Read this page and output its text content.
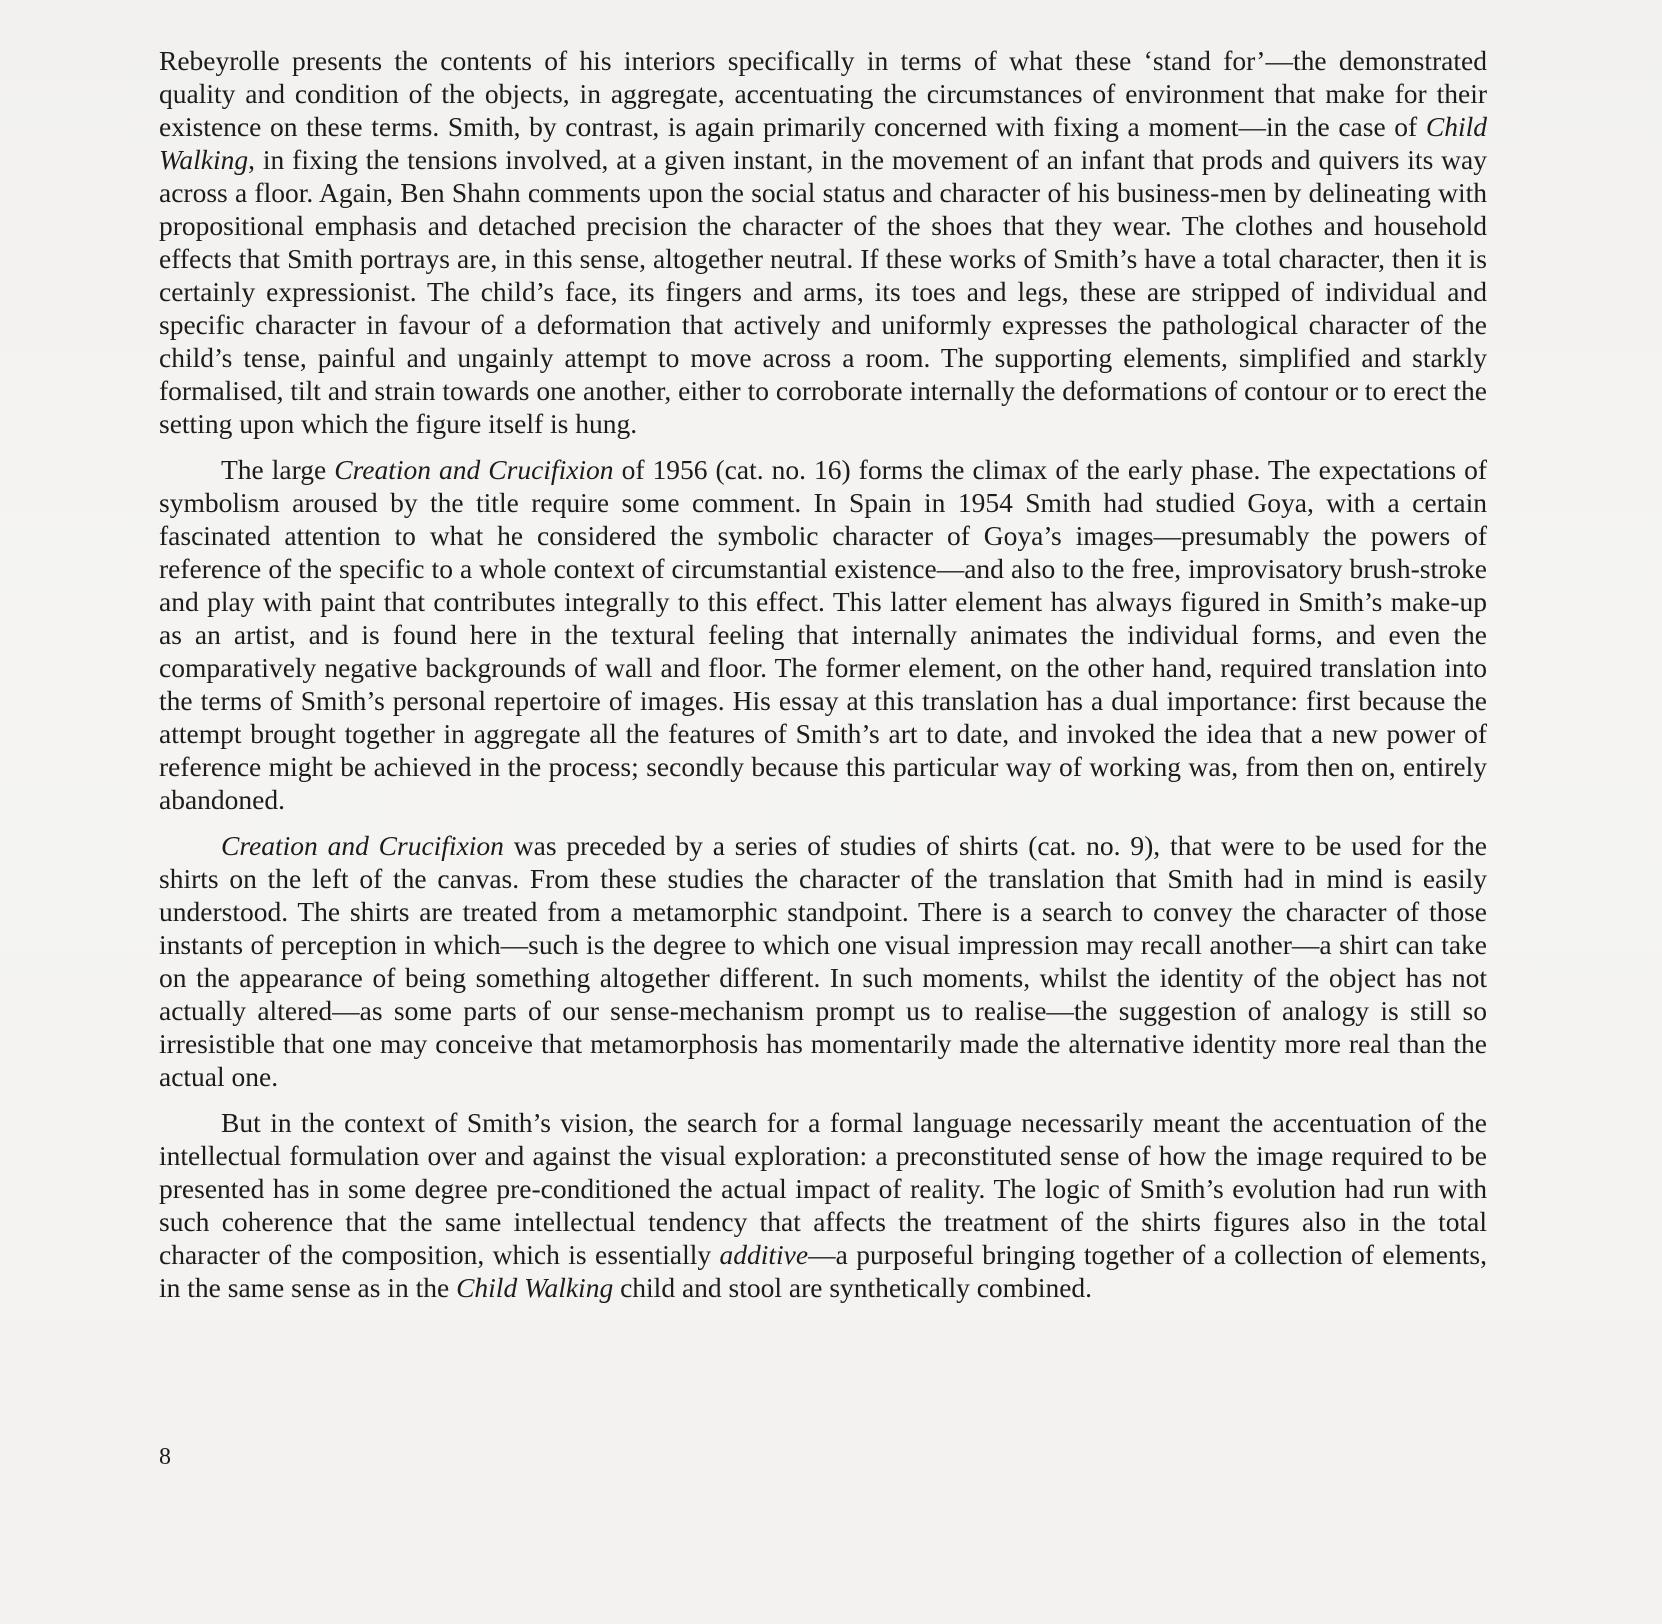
Rebeyrolle presents the contents of his interiors specifically in terms of what these ‘stand for’—the demonstrated quality and condition of the objects, in aggregate, accentuating the circumstances of environment that make for their existence on these terms. Smith, by contrast, is again primarily concerned with fixing a moment—in the case of Child Walking, in fixing the tensions involved, at a given instant, in the movement of an infant that prods and quivers its way across a floor. Again, Ben Shahn comments upon the social status and character of his business-men by delineating with propositional emphasis and detached precision the character of the shoes that they wear. The clothes and household effects that Smith portrays are, in this sense, altogether neutral. If these works of Smith’s have a total character, then it is certainly expressionist. The child’s face, its fingers and arms, its toes and legs, these are stripped of individual and specific character in favour of a deformation that actively and uniformly expresses the pathological character of the child’s tense, painful and ungainly attempt to move across a room. The supporting elements, simplified and starkly formalised, tilt and strain towards one another, either to corroborate internally the deformations of contour or to erect the setting upon which the figure itself is hung.

The large Creation and Crucifixion of 1956 (cat. no. 16) forms the climax of the early phase. The expectations of symbolism aroused by the title require some comment. In Spain in 1954 Smith had studied Goya, with a certain fascinated attention to what he considered the symbolic character of Goya’s images—presumably the powers of reference of the specific to a whole context of circumstantial existence—and also to the free, improvisatory brush-stroke and play with paint that contributes integrally to this effect. This latter element has always figured in Smith’s make-up as an artist, and is found here in the textural feeling that internally animates the individual forms, and even the comparatively negative backgrounds of wall and floor. The former element, on the other hand, required translation into the terms of Smith’s personal repertoire of images. His essay at this translation has a dual importance: first because the attempt brought together in aggregate all the features of Smith’s art to date, and invoked the idea that a new power of reference might be achieved in the process; secondly because this particular way of working was, from then on, entirely abandoned.

Creation and Crucifixion was preceded by a series of studies of shirts (cat. no. 9), that were to be used for the shirts on the left of the canvas. From these studies the character of the translation that Smith had in mind is easily understood. The shirts are treated from a metamorphic standpoint. There is a search to convey the character of those instants of perception in which—such is the degree to which one visual impression may recall another—a shirt can take on the appearance of being something altogether different. In such moments, whilst the identity of the object has not actually altered—as some parts of our sense-mechanism prompt us to realise—the suggestion of analogy is still so irresistible that one may conceive that metamorphosis has momentarily made the alternative identity more real than the actual one.

But in the context of Smith’s vision, the search for a formal language necessarily meant the accentuation of the intellectual formulation over and against the visual exploration: a preconstituted sense of how the image required to be presented has in some degree pre-conditioned the actual impact of reality. The logic of Smith’s evolution had run with such coherence that the same intellectual tendency that affects the treatment of the shirts figures also in the total character of the composition, which is essentially additive—a purposeful bringing together of a collection of elements, in the same sense as in the Child Walking child and stool are synthetically combined.

8
